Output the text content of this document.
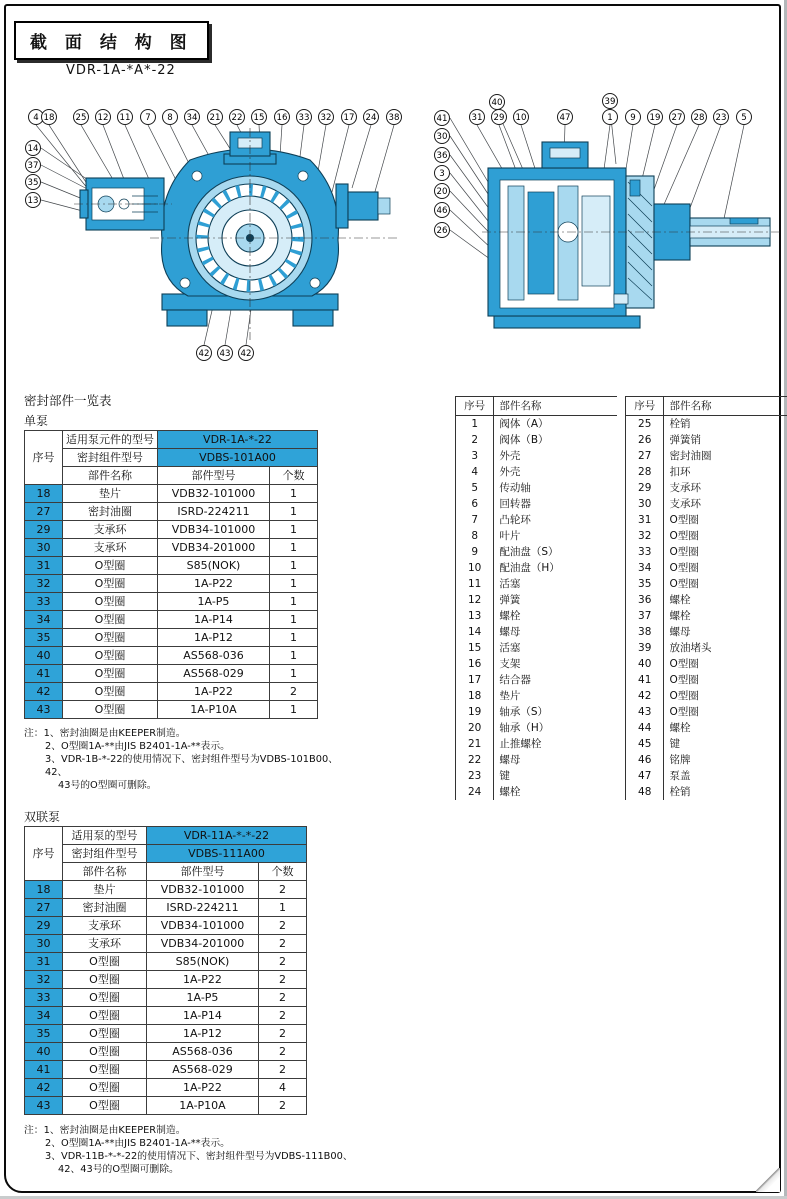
截 面 结 构 图
VDR-1A-*A*-22
4 18 25 12 11 7 8 34 21 22 15 16 33 32 17 24 38
14
37
35
13
42 43 42
40	39
31 29 10	47	1 9 19 27 28 23 5
41
30
36
3
20
46
26
密封部件一览表
单泵
序号	适用泵元件的型号	VDR-1A-*-22	
	密封组件型号	VDBS-101A00	
	部件名称	部件型号	个数
18	垫片	VDB32-101000	1
27	密封油圈	ISRD-224211	1
29	支承环	VDB34-101000	1
30	支承环	VDB34-201000	1
31	O型圈	S85(NOK)	1
32	O型圈	1A-P22	1
33	O型圈	1A-P5	1
34	O型圈	1A-P14	1
35	O型圈	1A-P12	1
40	O型圈	AS568-036	1
41	O型圈	AS568-029	1
42	O型圈	1A-P22	2
43	O型圈	1A-P10A	1
注：1、密封油圈是由KEEPER制造。
2、O型圈1A-**由JIS B2401-1A-**表示。
3、VDR-1B-*-22的使用情况下、密封组件型号为VDBS-101B00、42、
43号的O型圈可删除。
双联泵
序号	适用泵的型号	VDR-11A-*-*-22	
	密封组件型号	VDBS-111A00	
	部件名称	部件型号	个数
18	垫片	VDB32-101000	2
27	密封油圈	ISRD-224211	1
29	支承环	VDB34-101000	2
30	支承环	VDB34-201000	2
31	O型圈	S85(NOK)	2
32	O型圈	1A-P22	2
33	O型圈	1A-P5	2
34	O型圈	1A-P14	2
35	O型圈	1A-P12	2
40	O型圈	AS568-036	2
41	O型圈	AS568-029	2
42	O型圈	1A-P22	4
43	O型圈	1A-P10A	2
注：1、密封油圈是由KEEPER制造。
2、O型圈1A-**由JIS B2401-1A-**表示。
3、VDR-11B-*-*-22的使用情况下、密封组件型号为VDBS-111B00、
42、43号的O型圈可删除。
序号	部件名称
1	阀体（A）
2	阀体（B）
3	外壳
4	外壳
5	传动轴
6	回转器
7	凸轮环
8	叶片
9	配油盘（S）
10	配油盘（H）
11	活塞
12	弹簧
13	螺栓
14	螺母
15	活塞
16	支架
17	结合器
18	垫片
19	轴承（S）
20	轴承（H）
21	止推螺栓
22	螺母
23	键
24	螺栓
序号	部件名称
25	栓销
26	弹簧销
27	密封油圈
28	扣环
29	支承环
30	支承环
31	O型圈
32	O型圈
33	O型圈
34	O型圈
35	O型圈
36	螺栓
37	螺栓
38	螺母
39	放油堵头
40	O型圈
41	O型圈
42	O型圈
43	O型圈
44	螺栓
45	键
46	铭牌
47	泵盖
48	栓销
